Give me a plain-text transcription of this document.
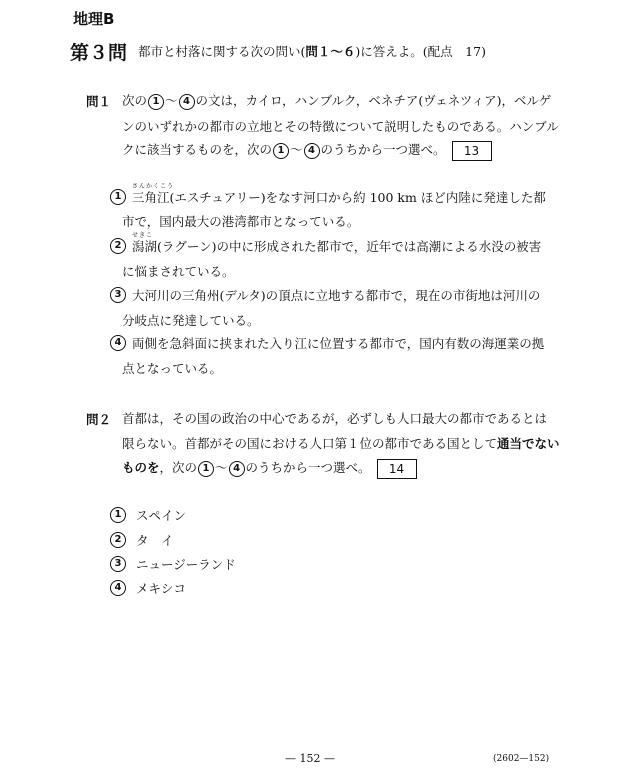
地理B
第３問 都市と村落に関する次の問い(問１～６)に答えよ。(配点　17)
問１ 次の 1 ～ 4 の文は，カイロ，ハンブルク，ベネチア(ヴェネツィア)，ベルゲ
ンのいずれかの都市の立地とその特徴について説明したものである。ハンブル
クに該当するものを，次の 1 ～ 4 のうちから一つ選べ。 13
さんかくこう
1 三角江(エスチュアリー)をなす河口から約 100 km ほど内陸に発達した都
市で，国内最大の港湾都市となっている。
せきこ
2 潟湖(ラグーン)の中に形成された都市で，近年では高潮による水没の被害
に悩まされている。
3 大河川の三角州(デルタ)の頂点に立地する都市で，現在の市街地は河川の
分岐点に発達している。
4 両側を急斜面に挟まれた入り江に位置する都市で，国内有数の海運業の拠
点となっている。
問２ 首都は，その国の政治の中心であるが，必ずしも人口最大の都市であるとは
限らない。首都がその国における人口第１位の都市である国として通当でない
ものを，次の 1 ～ 4 のうちから一つ選べ。 14
1	スペイン
2	タ　イ
3	ニュージーランド
4	メキシコ
— 152 —	(2602—152)
